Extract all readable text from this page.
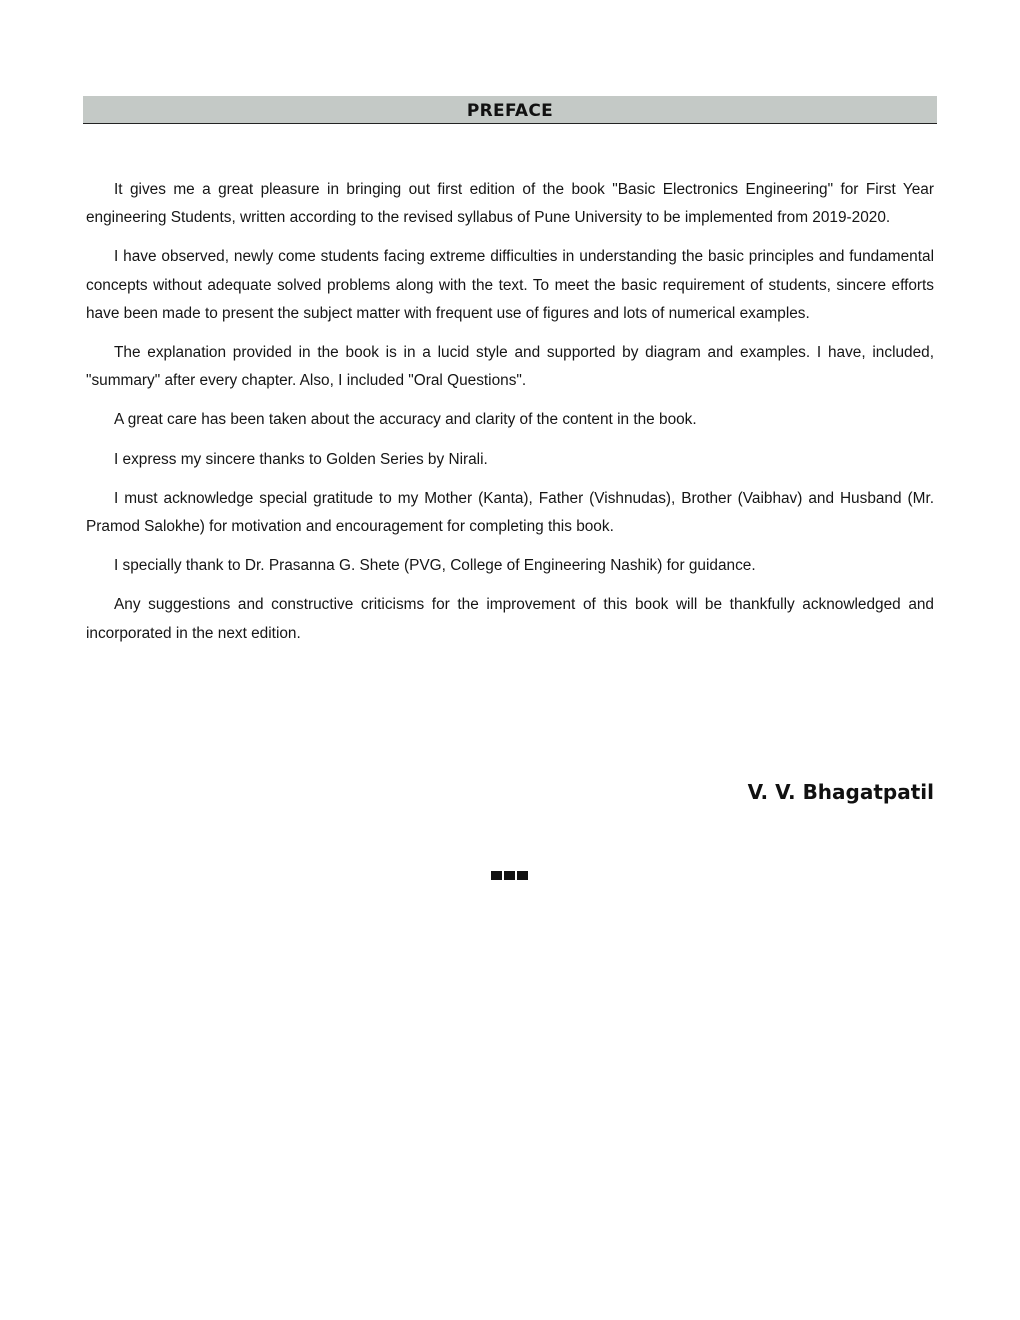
PREFACE

It gives me a great pleasure in bringing out first edition of the book "Basic Electronics Engineering" for First Year engineering Students, written according to the revised syllabus of Pune University to be implemented from 2019-2020.

I have observed, newly come students facing extreme difficulties in understanding the basic principles and fundamental concepts without adequate solved problems along with the text. To meet the basic requirement of students, sincere efforts have been made to present the subject matter with frequent use of figures and lots of numerical examples.

The explanation provided in the book is in a lucid style and supported by diagram and examples. I have, included, "summary" after every chapter. Also, I included "Oral Questions".

A great care has been taken about the accuracy and clarity of the content in the book.

I express my sincere thanks to Golden Series by Nirali.

I must acknowledge special gratitude to my Mother (Kanta), Father (Vishnudas), Brother (Vaibhav) and Husband (Mr. Pramod Salokhe) for motivation and encouragement for completing this book.

I specially thank to Dr. Prasanna G. Shete (PVG, College of Engineering Nashik) for guidance.

Any suggestions and constructive criticisms for the improvement of this book will be thankfully acknowledged and incorporated in the next edition.

V. V. Bhagatpatil
